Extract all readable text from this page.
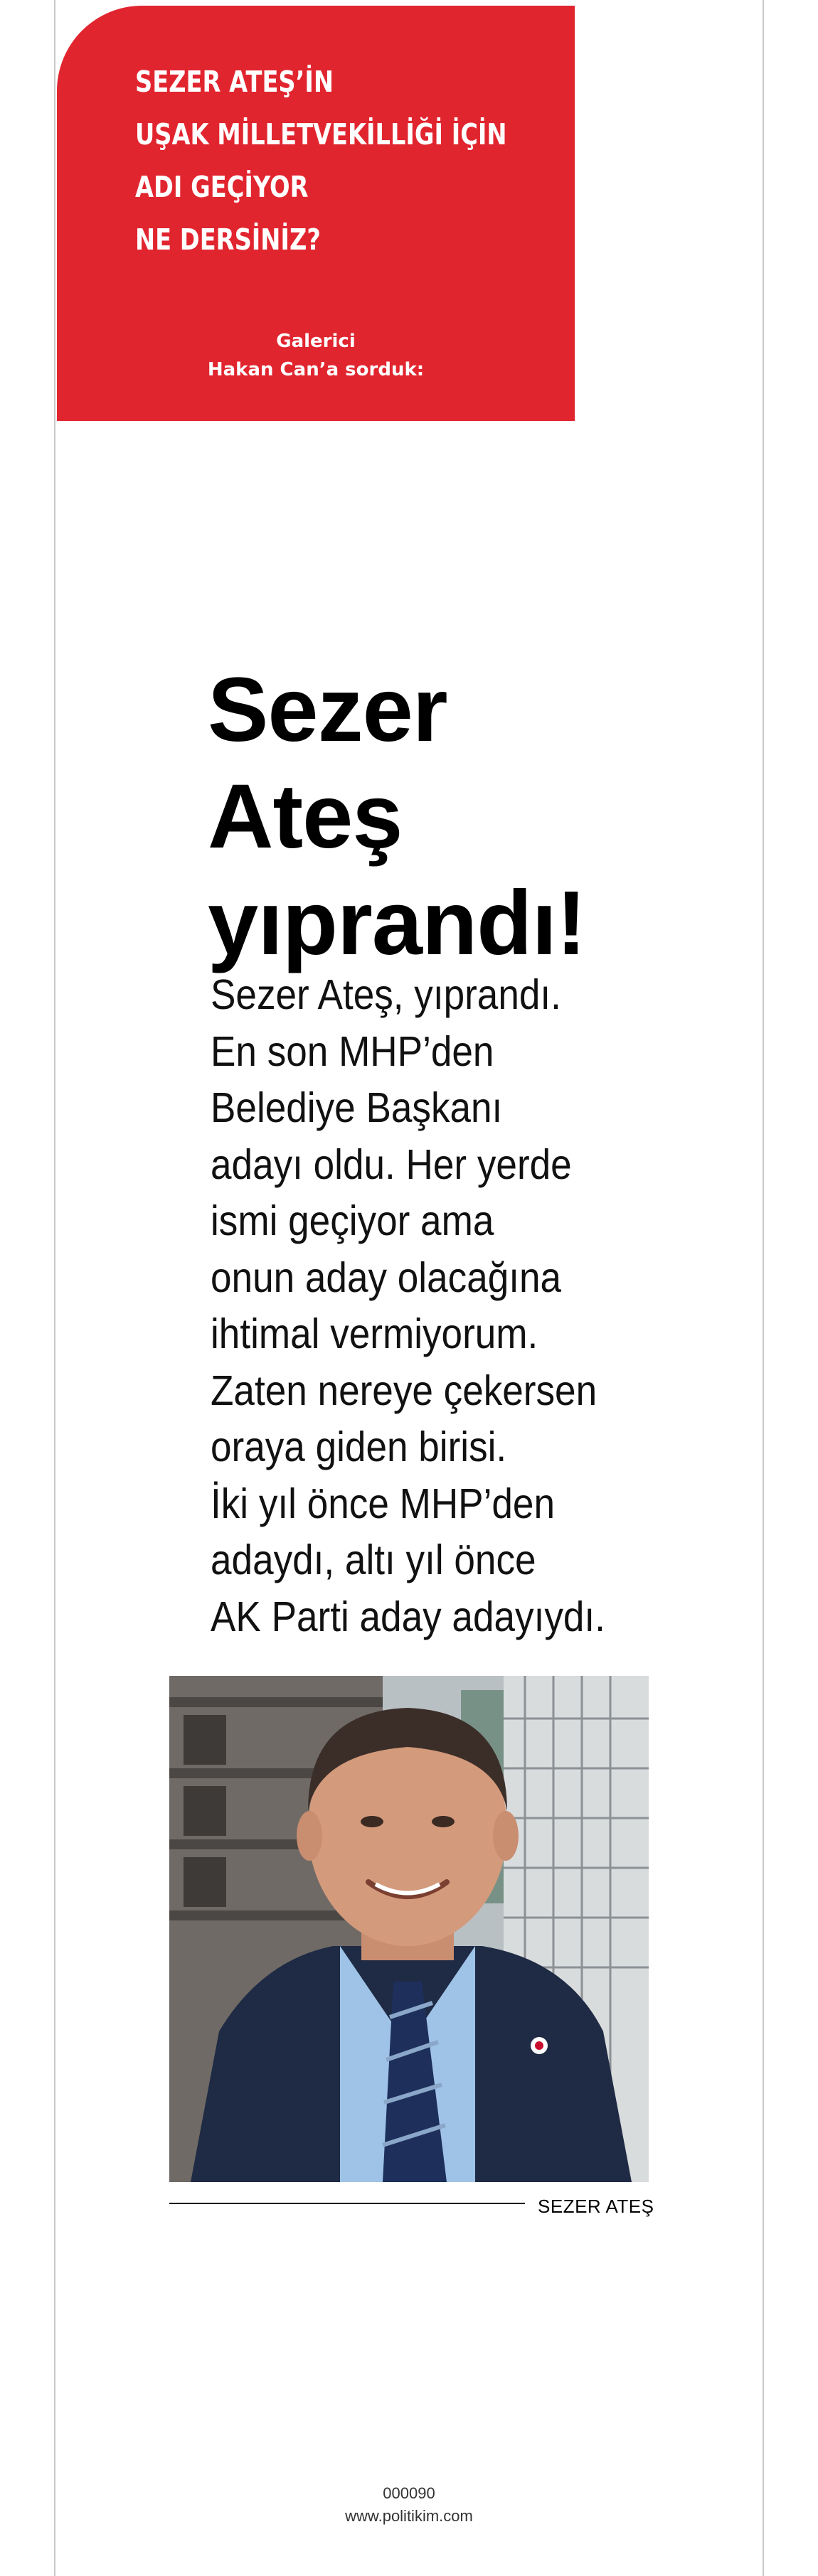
SEZER ATEŞ’İN
UŞAK MİLLETVEKİLLİĞİ İÇİN
ADI GEÇİYOR
NE DERSİNİZ?
Galerici
Hakan Can’a sorduk:
Sezer
Ateş
yıprandı!
Sezer Ateş, yıprandı.
En son MHP’den
Belediye Başkanı
adayı oldu. Her yerde
ismi geçiyor ama
onun aday olacağına
ihtimal vermiyorum.
Zaten nereye çekersen
oraya giden birisi.
İki yıl önce MHP’den
adaydı, altı yıl önce
AK Parti aday adayıydı.
SEZER ATEŞ
000090
www.politikim.com
